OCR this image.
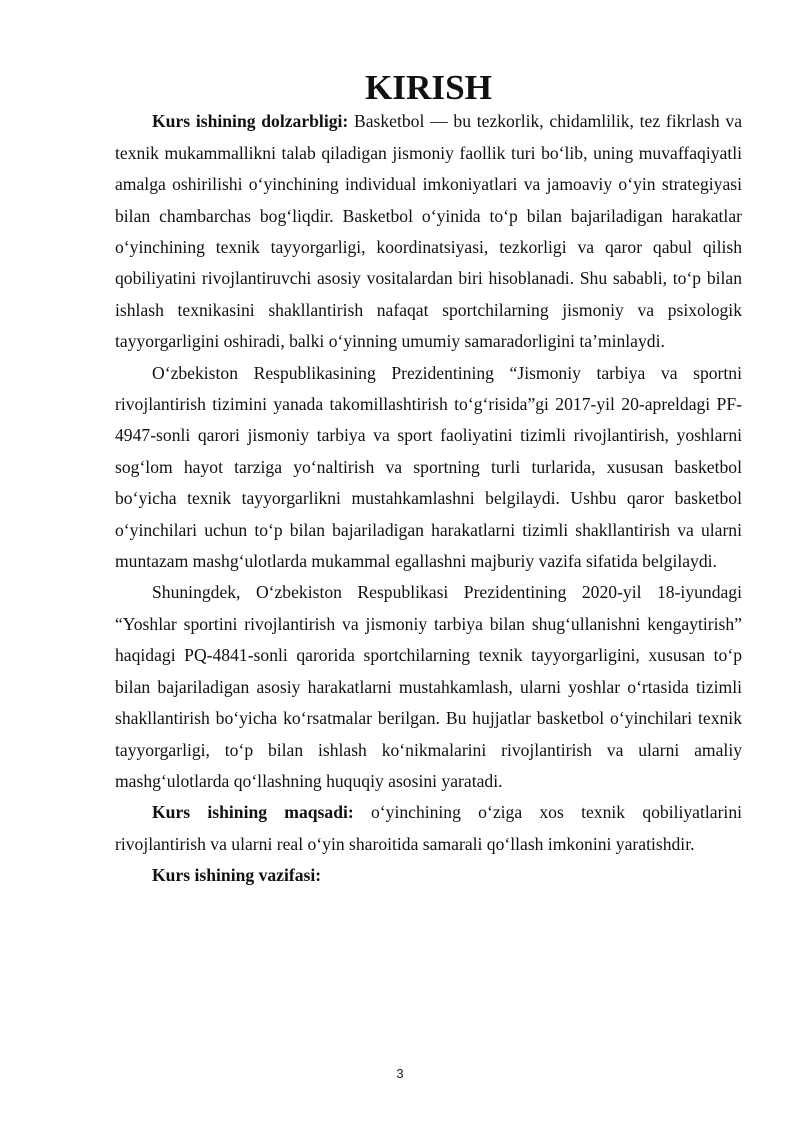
KIRISH

Kurs ishining dolzarbligi: Basketbol — bu tezkorlik, chidamlilik, tez fikrlash va texnik mukammallikni talab qiladigan jismoniy faollik turi bo‘lib, uning muvaffaqiyatli amalga oshirilishi o‘yinchining individual imkoniyatlari va jamoaviy o‘yin strategiyasi bilan chambarchas bog‘liqdir. Basketbol o‘yinida to‘p bilan bajariladigan harakatlar o‘yinchining texnik tayyorgarligi, koordinatsiyasi, tezkorligi va qaror qabul qilish qobiliyatini rivojlantiruvchi asosiy vositalardan biri hisoblanadi. Shu sababli, to‘p bilan ishlash texnikasini shakllantirish nafaqat sportchilarning jismoniy va psixologik tayyorgarligini oshiradi, balki o‘yinning umumiy samaradorligini ta’minlaydi.

O‘zbekiston Respublikasining Prezidentining “Jismoniy tarbiya va sportni rivojlantirish tizimini yanada takomillashtirish to‘g‘risida”gi 2017-yil 20-apreldagi PF-4947-sonli qarori jismoniy tarbiya va sport faoliyatini tizimli rivojlantirish, yoshlarni sog‘lom hayot tarziga yo‘naltirish va sportning turli turlarida, xususan basketbol bo‘yicha texnik tayyorgarlikni mustahkamlashni belgilaydi. Ushbu qaror basketbol o‘yinchilari uchun to‘p bilan bajariladigan harakatlarni tizimli shakllantirish va ularni muntazam mashg‘ulotlarda mukammal egallashni majburiy vazifa sifatida belgilaydi.

Shuningdek, O‘zbekiston Respublikasi Prezidentining 2020-yil 18-iyundagi “Yoshlar sportini rivojlantirish va jismoniy tarbiya bilan shug‘ullanishni kengaytirish” haqidagi PQ-4841-sonli qarorida sportchilarning texnik tayyorgarligini, xususan to‘p bilan bajariladigan asosiy harakatlarni mustahkamlash, ularni yoshlar o‘rtasida tizimli shakllantirish bo‘yicha ko‘rsatmalar berilgan. Bu hujjatlar basketbol o‘yinchilari texnik tayyorgarligi, to‘p bilan ishlash ko‘nikmalarini rivojlantirish va ularni amaliy mashg‘ulotlarda qo‘llashning huquqiy asosini yaratadi.

Kurs ishining maqsadi: o‘yinchining o‘ziga xos texnik qobiliyatlarini rivojlantirish va ularni real o‘yin sharoitida samarali qo‘llash imkonini yaratishdir.

Kurs ishining vazifasi:

3
